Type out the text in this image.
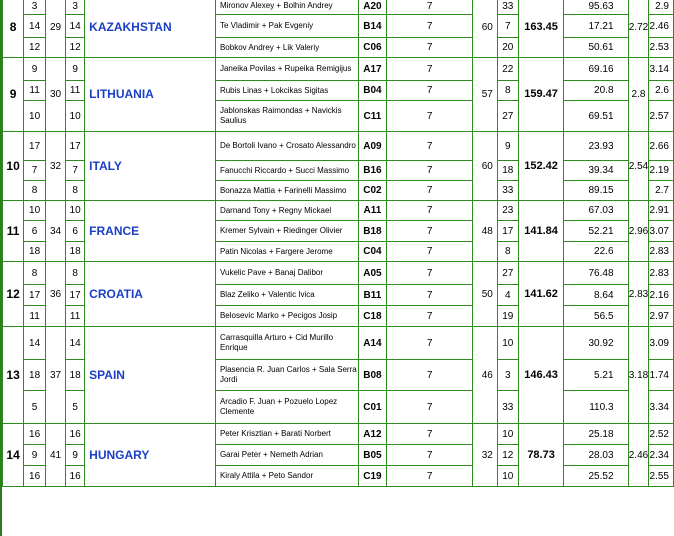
8	3	29	3	KAZAKHSTAN	Mironov Alexey + Bolhin Andrey	A20	7	60	33	163.45	95.63	2.72	2.9
	14		14		Te Vladimir + Pak Evgeniy	B14	7		7		17.21		2.46
	12		12		Bobkov Andrey + Lik Valeriy	C06	7		20		50.61		2.53
9	9	30	9	LITHUANIA	Janeika Povilas + Rupeika Remigijus	A17	7	57	22	159.47	69.16	2.8	3.14
	11		11		Rubis Linas + Lokcikas Sigitas	B04	7		8		20.8		2.6
	10		10		Jablonskas Raimondas + Navickis Saulius	C11	7		27		69.51		2.57
10	17	32	17	ITALY	De Bortoli Ivano + Crosato Alessandro	A09	7	60	9	152.42	23.93	2.54	2.66
	7		7		Fanucchi Riccardo + Succi Massimo	B16	7		18		39.34		2.19
	8		8		Bonazza Mattia + Farinelli Massimo	C02	7		33		89.15		2.7
11	10	34	10	FRANCE	Darnand Tony + Regny Mickael	A11	7	48	23	141.84	67.03	2.96	2.91
	6		6		Kremer Sylvain + Riedinger Olivier	B18	7		17		52.21		3.07
	18		18		Patin Nicolas + Fargere Jerome	C04	7		8		22.6		2.83
12	8	36	8	CROATIA	Vukelic Pave + Banaj Dalibor	A05	7	50	27	141.62	76.48	2.83	2.83
	17		17		Blaz Zeliko + Valentic Ivica	B11	7		4		8.64		2.16
	11		11		Belosevic Marko + Pecigos Josip	C18	7		19		56.5		2.97
13	14	37	14	SPAIN	Carrasquilla Arturo + Cid Murillo Enrique	A14	7	46	10	146.43	30.92	3.18	3.09
	18		18		Plasencia R. Juan Carlos + Sala Serra Jordi	B08	7		3		5.21		1.74
	5		5		Arcadio F. Juan + Pozuelo Lopez Clemente	C01	7		33		110.3		3.34
14	16	41	16	HUNGARY	Peter Krisztian + Barati Norbert	A12	7	32	10	78.73	25.18	2.46	2.52
	9		9		Garai Peter + Nemeth Adrian	B05	7		12		28.03		2.34
	16		16		Kiraly Attila + Peto Sandor	C19	7		10		25.52		2.55
